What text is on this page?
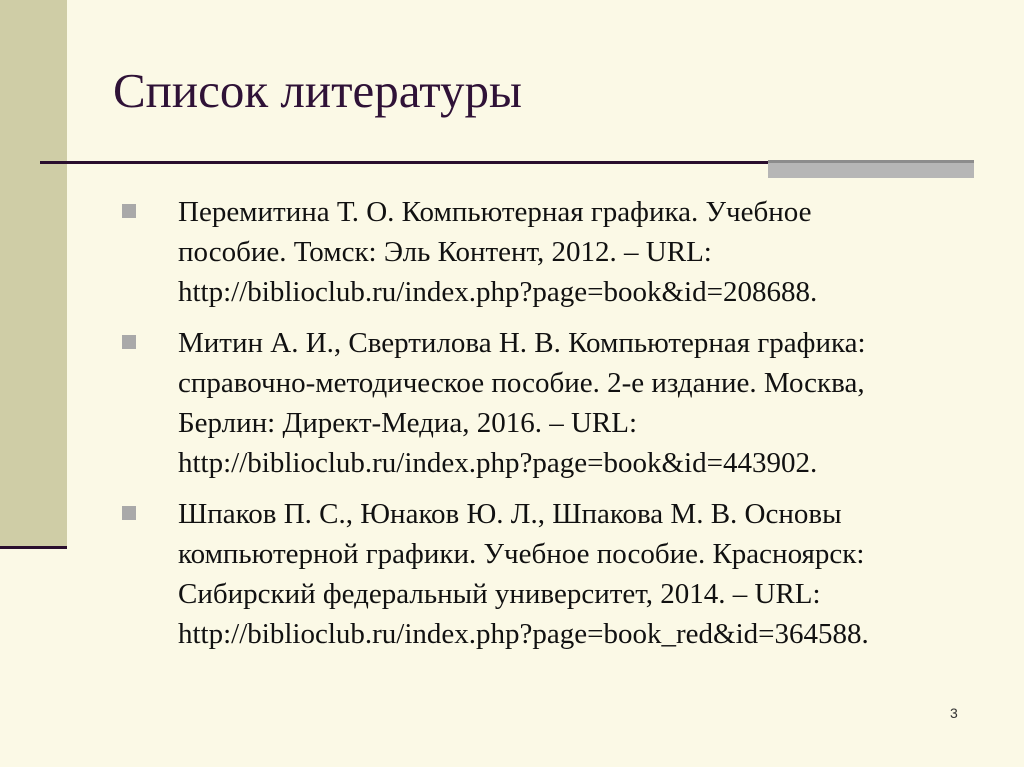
Список литературы
Перемитина Т. О. Компьютерная графика. Учебное
пособие. Томск: Эль Контент, 2012. – URL:
http://biblioclub.ru/index.php?page=book&id=208688.
Митин А. И., Свертилова Н. В. Компьютерная графика:
справочно-методическое пособие. 2-е издание. Москва,
Берлин: Директ-Медиа, 2016. – URL:
http://biblioclub.ru/index.php?page=book&id=443902.
Шпаков П. С., Юнаков Ю. Л., Шпакова М. В. Основы
компьютерной графики. Учебное пособие. Красноярск:
Сибирский федеральный университет, 2014. – URL:
http://biblioclub.ru/index.php?page=book_red&id=364588.
3
